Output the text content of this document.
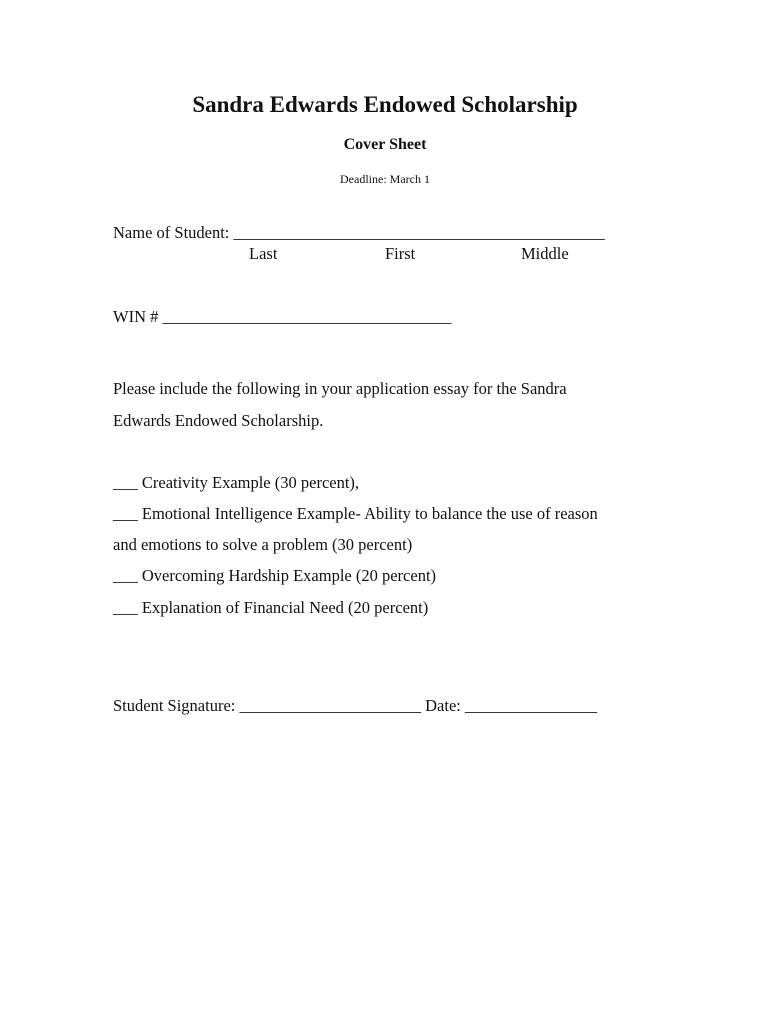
Sandra Edwards Endowed Scholarship
Cover Sheet
Deadline: March 1
Name of Student: _____________________________________________
Last	First	Middle
WIN # ___________________________________
Please include the following in your application essay for the Sandra
Edwards Endowed Scholarship.
___ Creativity Example (30 percent),
___ Emotional Intelligence Example- Ability to balance the use of reason
and emotions to solve a problem (30 percent)
___ Overcoming Hardship Example (20 percent)
___ Explanation of Financial Need (20 percent)
Student Signature: ______________________ Date: ________________
